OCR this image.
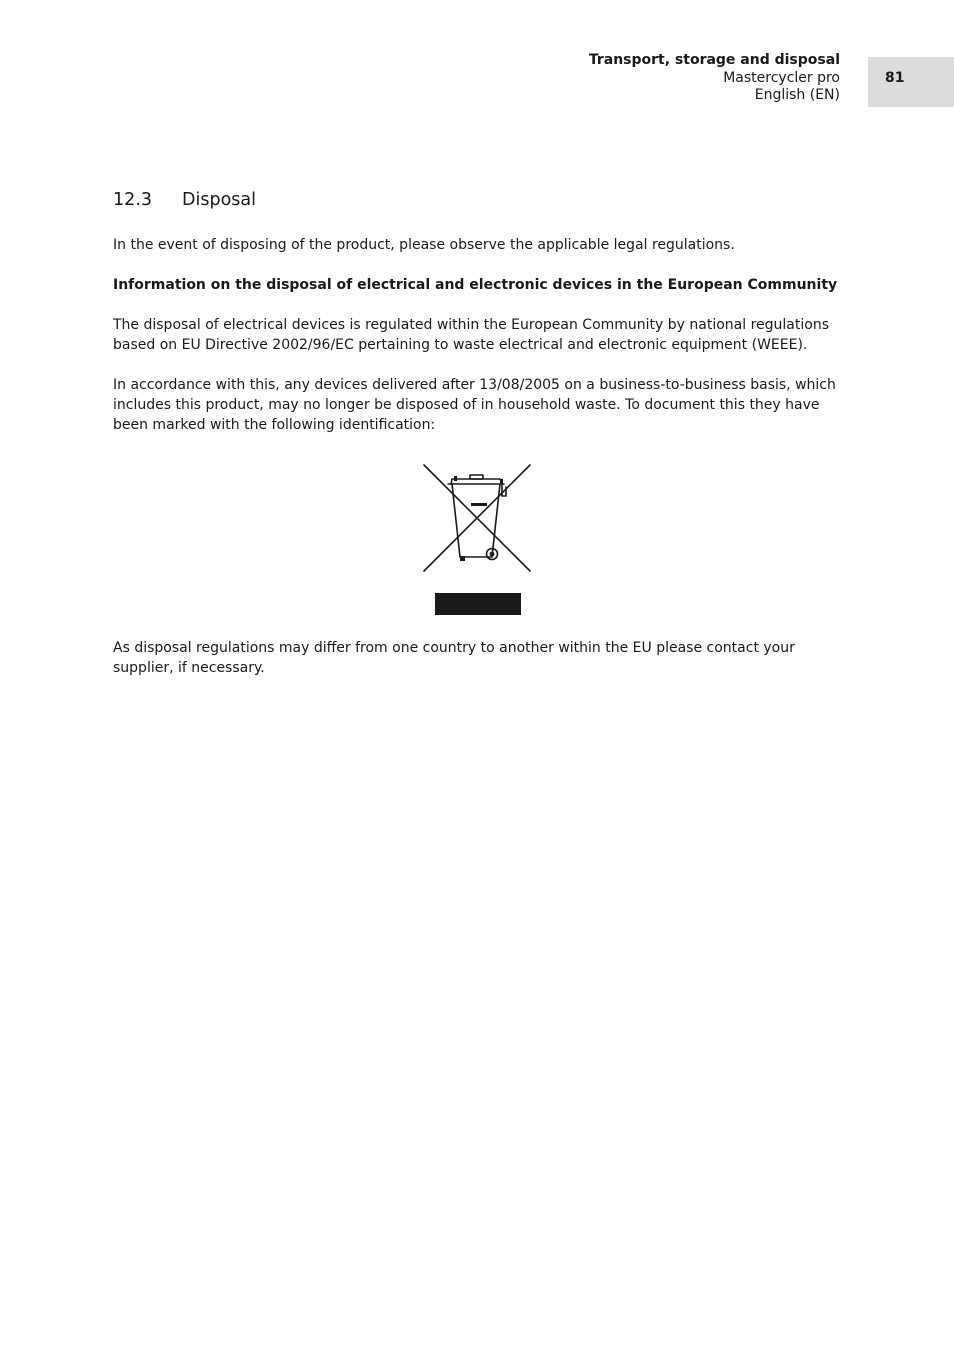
Transport, storage and disposal
Mastercycler pro
English (EN)
81
12.3 Disposal

In the event of disposing of the product, please observe the applicable legal regulations.

Information on the disposal of electrical and electronic devices in the European Community

The disposal of electrical devices is regulated within the European Community by national regulations based on EU Directive 2002/96/EC pertaining to waste electrical and electronic equipment (WEEE).

In accordance with this, any devices delivered after 13/08/2005 on a business-to-business basis, which includes this product, may no longer be disposed of in household waste. To document this they have been marked with the following identification:

As disposal regulations may differ from one country to another within the EU please contact your supplier, if necessary.
